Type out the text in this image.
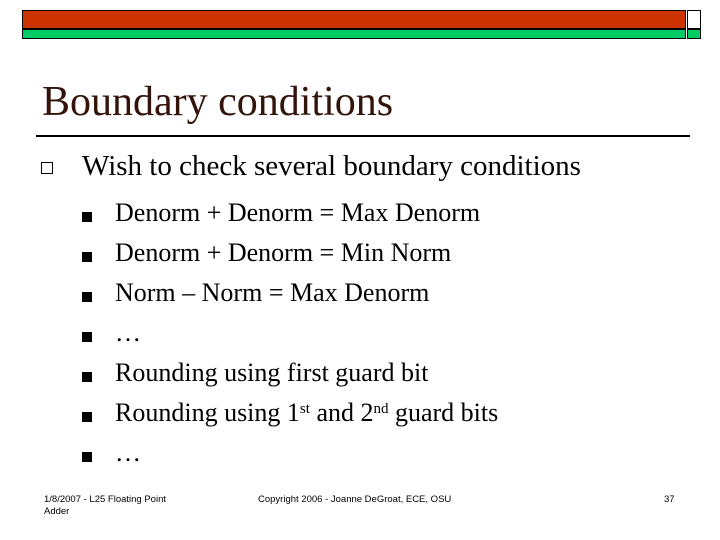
Boundary conditions
Wish to check several boundary conditions
Denorm + Denorm = Max Denorm
Denorm + Denorm = Min Norm
Norm – Norm = Max Denorm
…
Rounding using first guard bit
Rounding using 1st and 2nd guard bits
…
1/8/2007 - L25 Floating Point Adder
Copyright 2006 - Joanne DeGroat, ECE, OSU	37
